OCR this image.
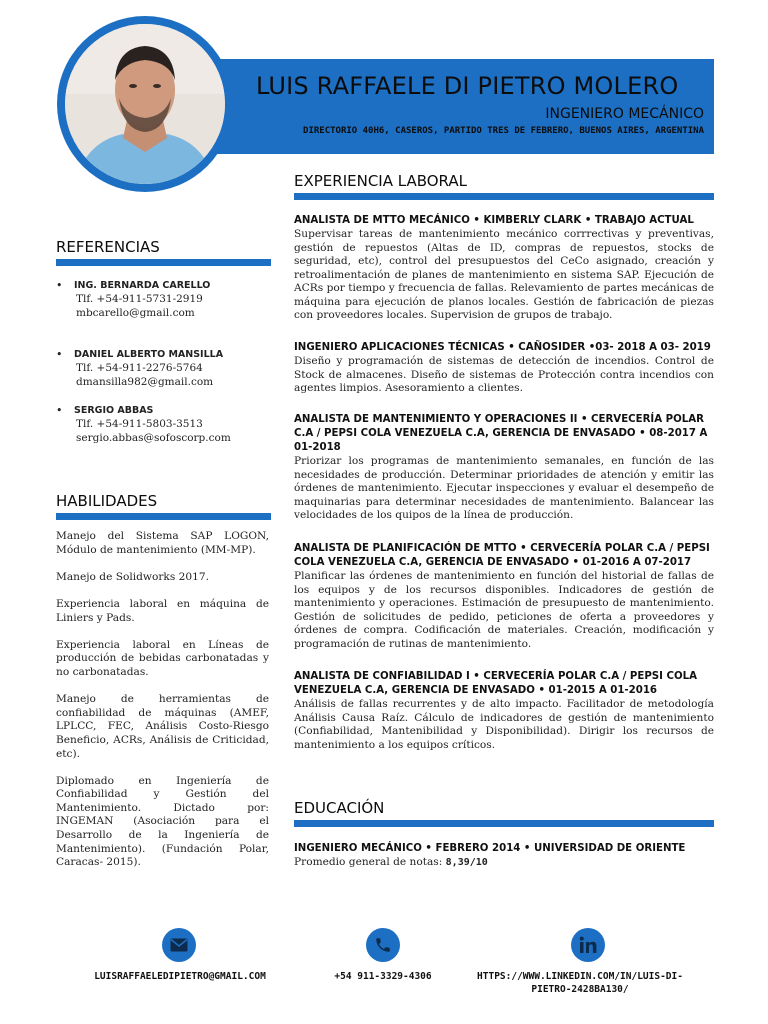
LUIS RAFFAELE DI PIETRO MOLERO
INGENIERO MECÁNICO
DIRECTORIO 40H6, CASEROS, PARTIDO TRES DE FEBRERO, BUENOS AIRES, ARGENTINA
REFERENCIAS
• ING. BERNARDA CARELLO
Tlf. +54-911-5731-2919
mbcarello@gmail.com
• DANIEL ALBERTO MANSILLA
Tlf. +54-911-2276-5764
dmansilla982@gmail.com
• SERGIO ABBAS
Tlf. +54-911-5803-3513
sergio.abbas@sofoscorp.com
HABILIDADES

Manejo del Sistema SAP LOGON, Módulo de mantenimiento (MM-MP).

Manejo de Solidworks 2017.

Experiencia laboral en máquina de Liniers y Pads.

Experiencia laboral en Líneas de producción de bebidas carbonatadas y no carbonatadas.

Manejo de herramientas de confiabilidad de máquinas (AMEF, LPLCC, FEC, Análisis Costo-Riesgo Beneficio, ACRs, Análisis de Criticidad, etc).

Diplomado en Ingeniería de Confiabilidad y Gestión del Mantenimiento. Dictado por: INGEMAN (Asociación para el Desarrollo de la Ingeniería de Mantenimiento). (Fundación Polar, Caracas- 2015).

EXPERIENCIA LABORAL
ANALISTA DE MTTO MECÁNICO • KIMBERLY CLARK • TRABAJO ACTUAL
Supervisar tareas de mantenimiento mecánico corrrectivas y preventivas, gestión de repuestos (Altas de ID, compras de repuestos, stocks de seguridad, etc), control del presupuestos del CeCo asignado, creación y retroalimentación de planes de mantenimiento en sistema SAP. Ejecución de ACRs por tiempo y frecuencia de fallas. Relevamiento de partes mecánicas de máquina para ejecución de planos locales. Gestión de fabricación de piezas con proveedores locales. Supervision de grupos de trabajo.
INGENIERO APLICACIONES TÉCNICAS • CAÑOSIDER •03- 2018 A 03- 2019
Diseño y programación de sistemas de detección de incendios. Control de Stock de almacenes. Diseño de sistemas de Protección contra incendios con agentes limpios. Asesoramiento a clientes.
ANALISTA DE MANTENIMIENTO Y OPERACIONES II • CERVECERÍA POLAR C.A / PEPSI COLA VENEZUELA C.A, GERENCIA DE ENVASADO • 08-2017 A 01-2018
Priorizar los programas de mantenimiento semanales, en función de las necesidades de producción. Determinar prioridades de atención y emitir las órdenes de mantenimiento. Ejecutar inspecciones y evaluar el desempeño de maquinarias para determinar necesidades de mantenimiento. Balancear las velocidades de los quipos de la línea de producción.
ANALISTA DE PLANIFICACIÓN DE MTTO • CERVECERÍA POLAR C.A / PEPSI COLA VENEZUELA C.A, GERENCIA DE ENVASADO • 01-2016 A 07-2017
Planificar las órdenes de mantenimiento en función del historial de fallas de los equipos y de los recursos disponibles. Indicadores de gestión de mantenimiento y operaciones. Estimación de presupuesto de mantenimiento. Gestión de solicitudes de pedido, peticiones de oferta a proveedores y órdenes de compra. Codificación de materiales. Creación, modificación y programación de rutinas de mantenimiento.
ANALISTA DE CONFIABILIDAD I • CERVECERÍA POLAR C.A / PEPSI COLA VENEZUELA C.A, GERENCIA DE ENVASADO • 01-2015 A 01-2016
Análisis de fallas recurrentes y de alto impacto. Facilitador de metodología Análisis Causa Raíz. Cálculo de indicadores de gestión de mantenimiento (Confiabilidad, Mantenibilidad y Disponibilidad). Dirigir los recursos de mantenimiento a los equipos críticos.
EDUCACIÓN
INGENIERO MECÁNICO • FEBRERO 2014 • UNIVERSIDAD DE ORIENTE
Promedio general de notas: 8,39/10
LUISRAFFAELEDIPIETRO@GMAIL.COM	+54 911-3329-4306	HTTPS://WWW.LINKEDIN.COM/IN/LUIS-DI-PIETRO-2428BA130/
